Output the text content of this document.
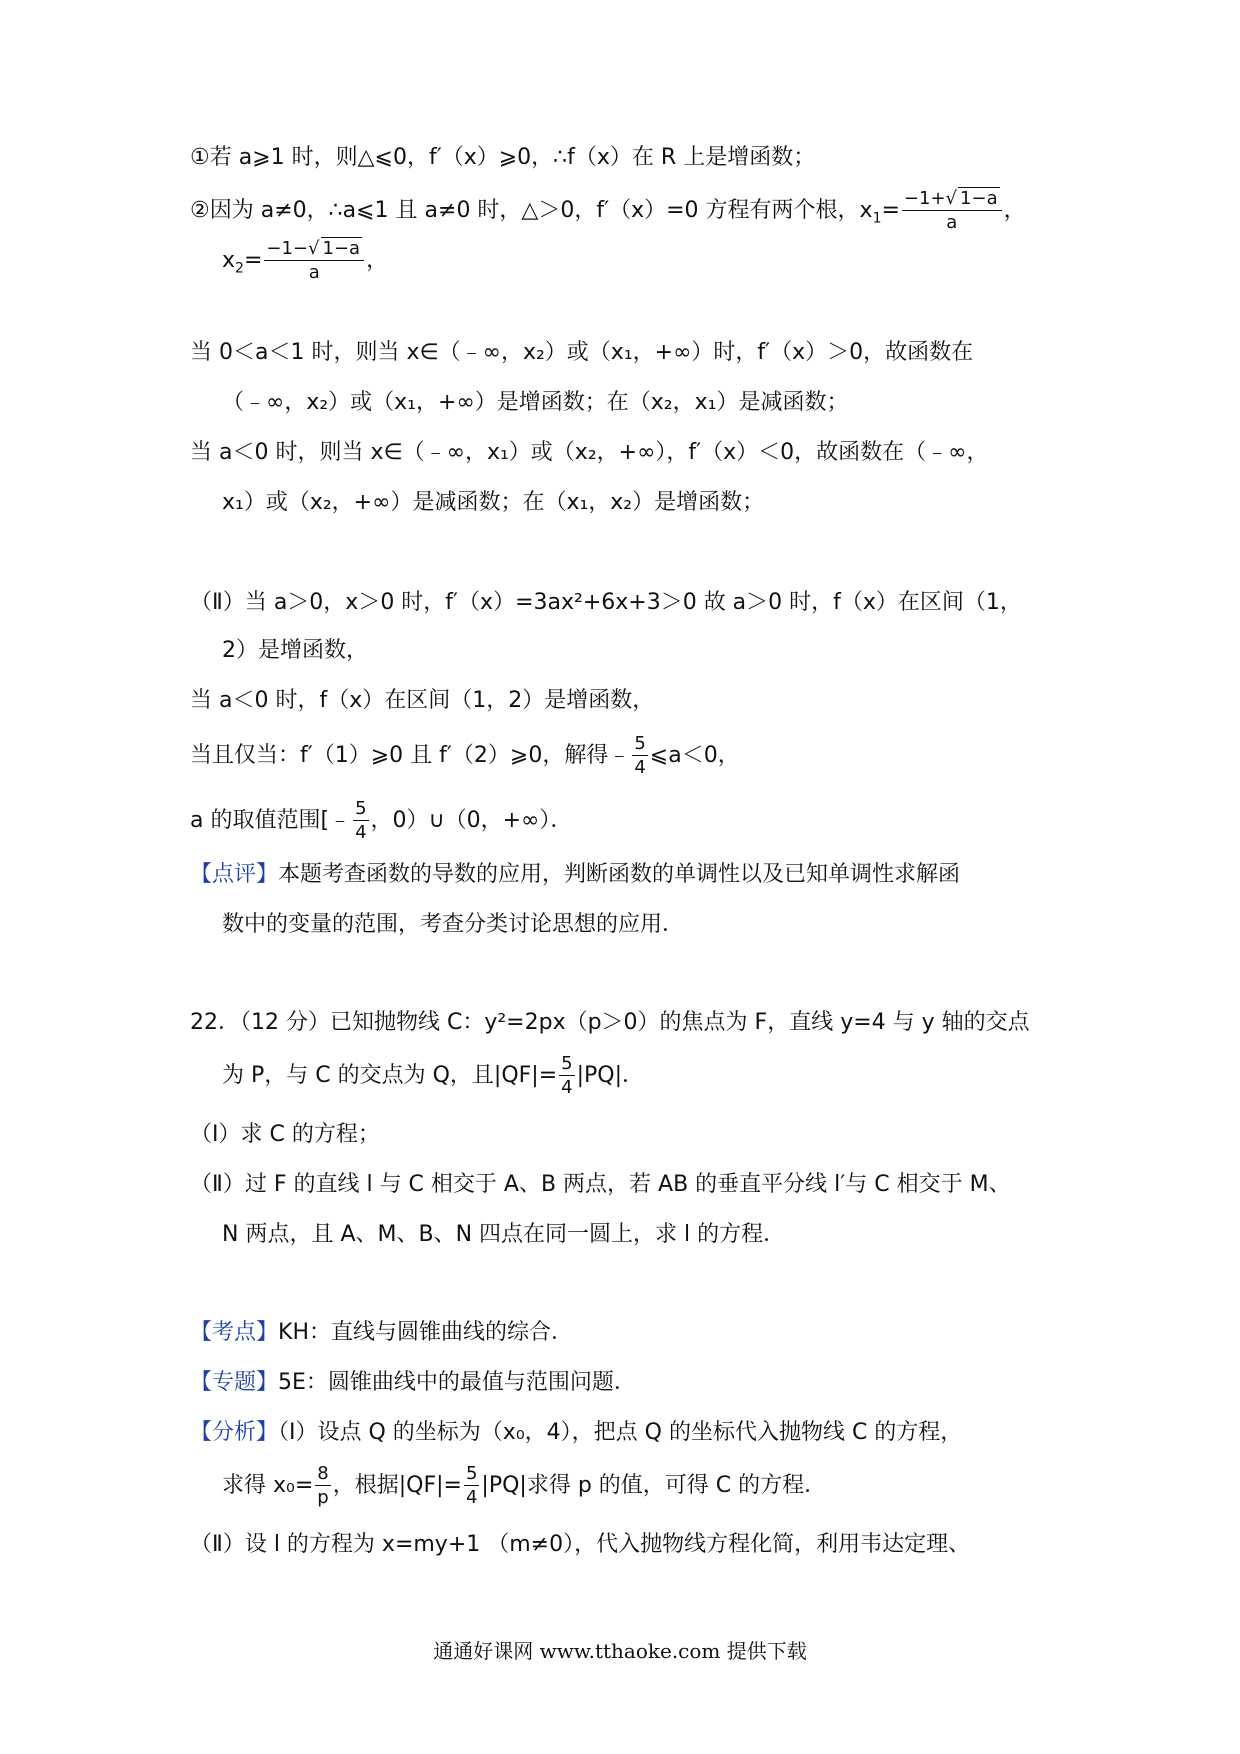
①若 a⩾1 时，则△⩽0，f′（x）⩾0，∴f（x）在 R 上是增函数；
②因为 a≠0，∴a⩽1 且 a≠0 时，△＞0，f′（x）=0 方程有两个根，$x_1= \frac{-1+√ 1-a}{a}$ ，
$x_2= \frac{-1-√ 1-a}{a}$ ，
当 0＜a＜1 时，则当 x∈（﹣∞，x₂）或（x₁，+∞）时，f′（x）＞0，故函数在
（﹣∞，x₂）或（x₁，+∞）是增函数；在（x₂，x₁）是减函数；
当 a＜0 时，则当 x∈（﹣∞，x₁）或（x₂，+∞），f′（x）＜0，故函数在（﹣∞，
x₁）或（x₂，+∞）是减函数；在（x₁，x₂）是增函数；
（Ⅱ）当 a＞0，x＞0 时，f′（x）=3ax²+6x+3＞0 故 a＞0 时，f（x）在区间（1，
2）是增函数，
当 a＜0 时，f（x）在区间（1，2）是增函数，
当且仅当：f′（1）⩾0 且 f′（2）⩾0，解得﹣ $\frac{5}{4}$ ⩽a＜0，
a 的取值范围[﹣ $\frac{5}{4}$ ，0）∪（0，+∞）．
【点评】本题考查函数的导数的应用，判断函数的单调性以及已知单调性求解函
数中的变量的范围，考查分类讨论思想的应用．
22．（12 分）已知抛物线 C：y²=2px（p＞0）的焦点为 F，直线 y=4 与 y 轴的交点
为 P，与 C 的交点为 Q，且$|QF|= \frac{5}{4} |PQ|$．
（Ⅰ）求 C 的方程；
（Ⅱ）过 F 的直线 l 与 C 相交于 A、B 两点，若 AB 的垂直平分线 l′与 C 相交于 M、
N 两点，且 A、M、B、N 四点在同一圆上，求 l 的方程．
【考点】KH：直线与圆锥曲线的综合．
【专题】5E：圆锥曲线中的最值与范围问题．
【分析】（Ⅰ）设点 Q 的坐标为（x₀，4），把点 Q 的坐标代入抛物线 C 的方程，
求得 $x_0= \frac{8}{p}$ ，根据$|QF|= \frac{5}{4} |PQ|$求得 p 的值，可得 C 的方程．
（Ⅱ）设 l 的方程为 x=my+1 （m≠0），代入抛物线方程化简，利用韦达定理、
通通好课网 www.tthaoke.com 提供下载
